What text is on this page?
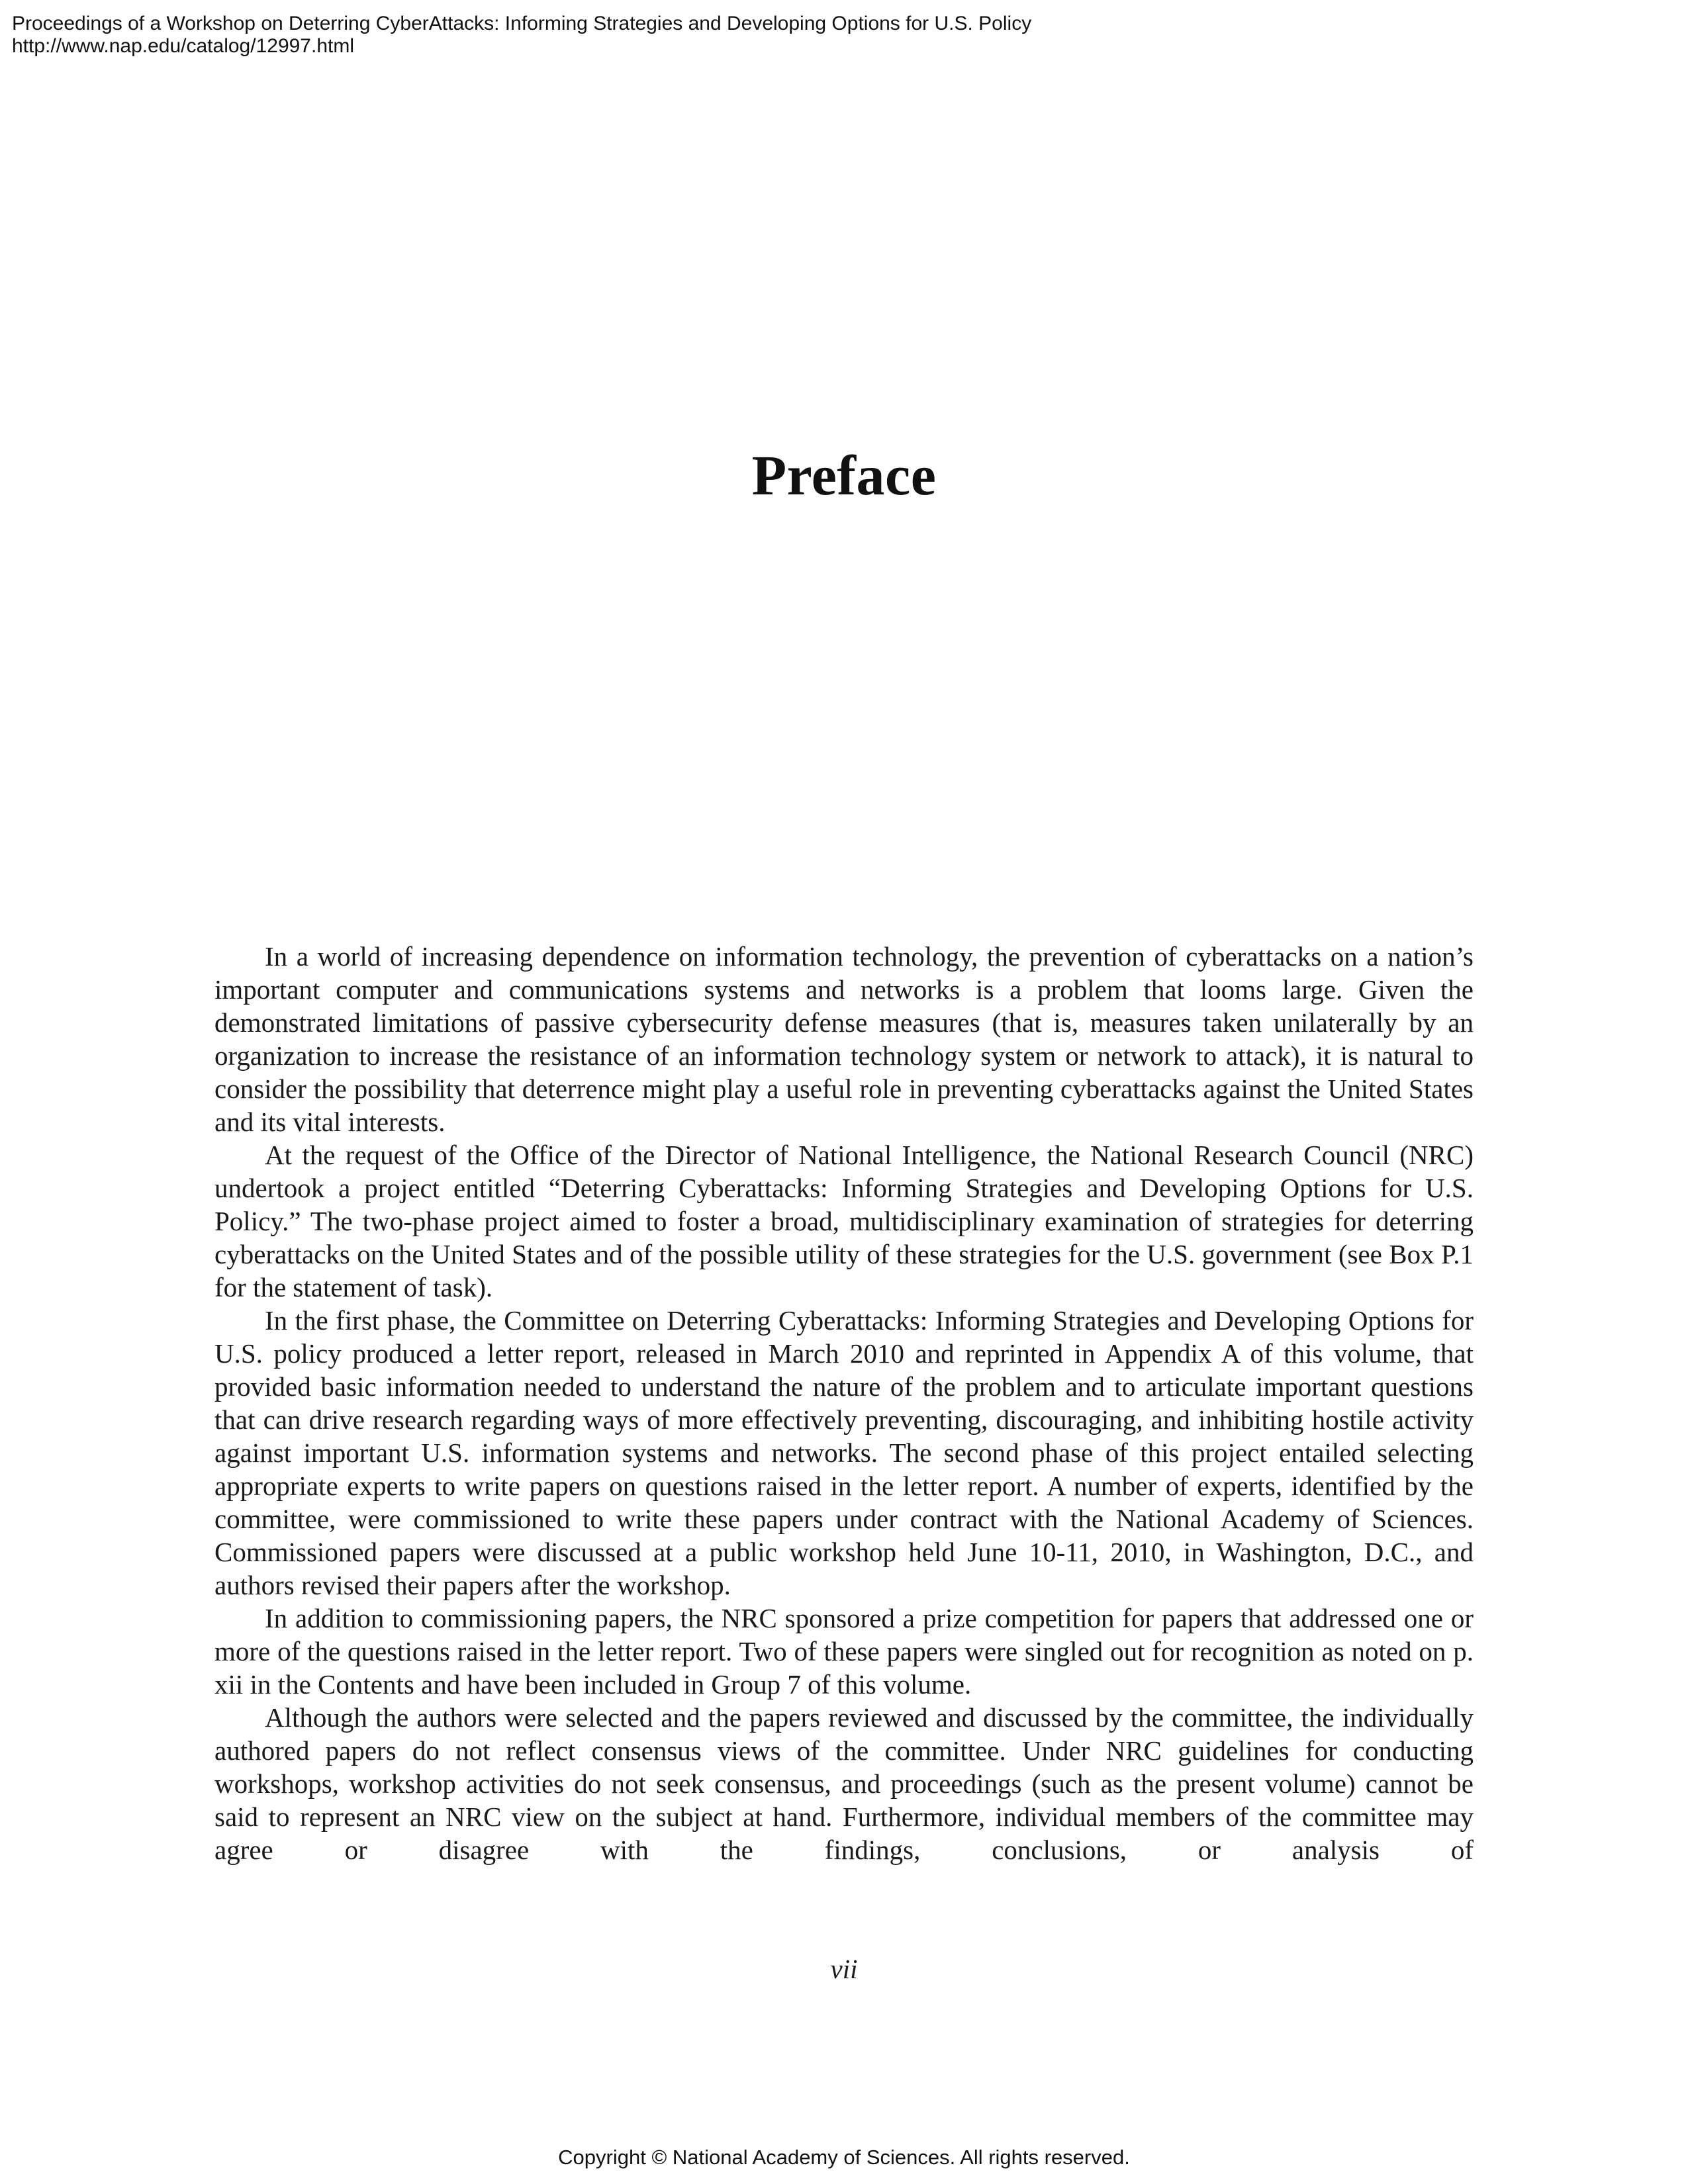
Proceedings of a Workshop on Deterring CyberAttacks: Informing Strategies and Developing Options for U.S. Policy
http://www.nap.edu/catalog/12997.html
Preface

In a world of increasing dependence on information technology, the prevention of cyberattacks on a nation’s important computer and communications systems and networks is a problem that looms large. Given the demonstrated limitations of passive cybersecurity defense measures (that is, measures taken unilaterally by an organization to increase the resistance of an information technology system or network to attack), it is natural to consider the possibility that deterrence might play a useful role in preventing cyberattacks against the United States and its vital interests.

At the request of the Office of the Director of National Intelligence, the National Research Council (NRC) undertook a project entitled “Deterring Cyberattacks: Informing Strategies and Developing Options for U.S. Policy.” The two-phase project aimed to foster a broad, multidisciplinary examination of strategies for deterring cyberattacks on the United States and of the possible utility of these strategies for the U.S. government (see Box P.1 for the statement of task).

In the first phase, the Committee on Deterring Cyberattacks: Informing Strategies and Developing Options for U.S. policy produced a letter report, released in March 2010 and reprinted in Appendix A of this volume, that provided basic information needed to understand the nature of the problem and to articulate important questions that can drive research regarding ways of more effectively preventing, discouraging, and inhibiting hostile activity against important U.S. information systems and networks. The second phase of this project entailed selecting appropriate experts to write papers on questions raised in the letter report. A number of experts, identified by the committee, were commissioned to write these papers under contract with the National Academy of Sciences. Commissioned papers were discussed at a public workshop held June 10-11, 2010, in Washington, D.C., and authors revised their papers after the workshop.

In addition to commissioning papers, the NRC sponsored a prize competition for papers that addressed one or more of the questions raised in the letter report. Two of these papers were singled out for recognition as noted on p. xii in the Contents and have been included in Group 7 of this volume.

Although the authors were selected and the papers reviewed and discussed by the committee, the individually authored papers do not reflect consensus views of the committee. Under NRC guidelines for conducting workshops, workshop activities do not seek consensus, and proceedings (such as the present volume) cannot be said to represent an NRC view on the subject at hand. Furthermore, individual members of the committee may agree or disagree with the findings, conclusions, or analysis of

vii
Copyright © National Academy of Sciences. All rights reserved.
